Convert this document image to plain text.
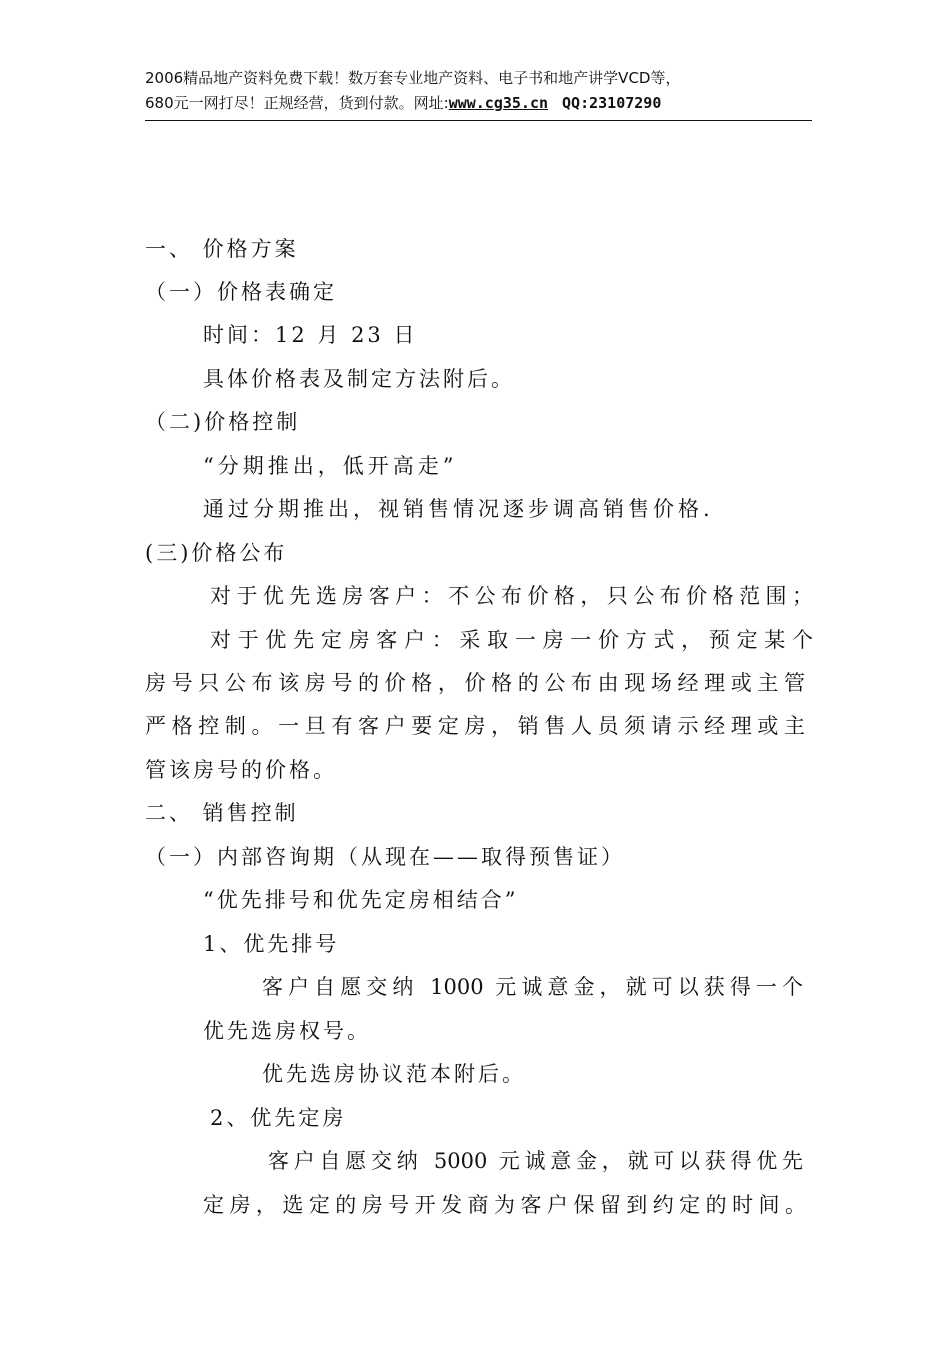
2006精品地产资料免费下载！数万套专业地产资料、电子书和地产讲学VCD等，
680元一网打尽！正规经营，货到付款。网址:www.cg35.cn QQ:23107290
一、 价格方案
（一）价格表确定
时间：12 月 23 日
具体价格表及制定方法附后。
（二)价格控制
“分期推出，低开高走”
通过分期推出，视销售情况逐步调高销售价格.
(三)价格公布
对于优先选房客户：不公布价格，只公布价格范围；
对于优先定房客户：采取一房一价方式，预定某个
房号只公布该房号的价格，价格的公布由现场经理或主管
严格控制。一旦有客户要定房，销售人员须请示经理或主
管该房号的价格。
二、 销售控制
（一）内部咨询期（从现在——取得预售证）
“优先排号和优先定房相结合”
1、优先排号
客户自愿交纳 1000 元诚意金，就可以获得一个
优先选房权号。
优先选房协议范本附后。
2、优先定房
客户自愿交纳 5000 元诚意金，就可以获得优先
定房，选定的房号开发商为客户保留到约定的时间。
